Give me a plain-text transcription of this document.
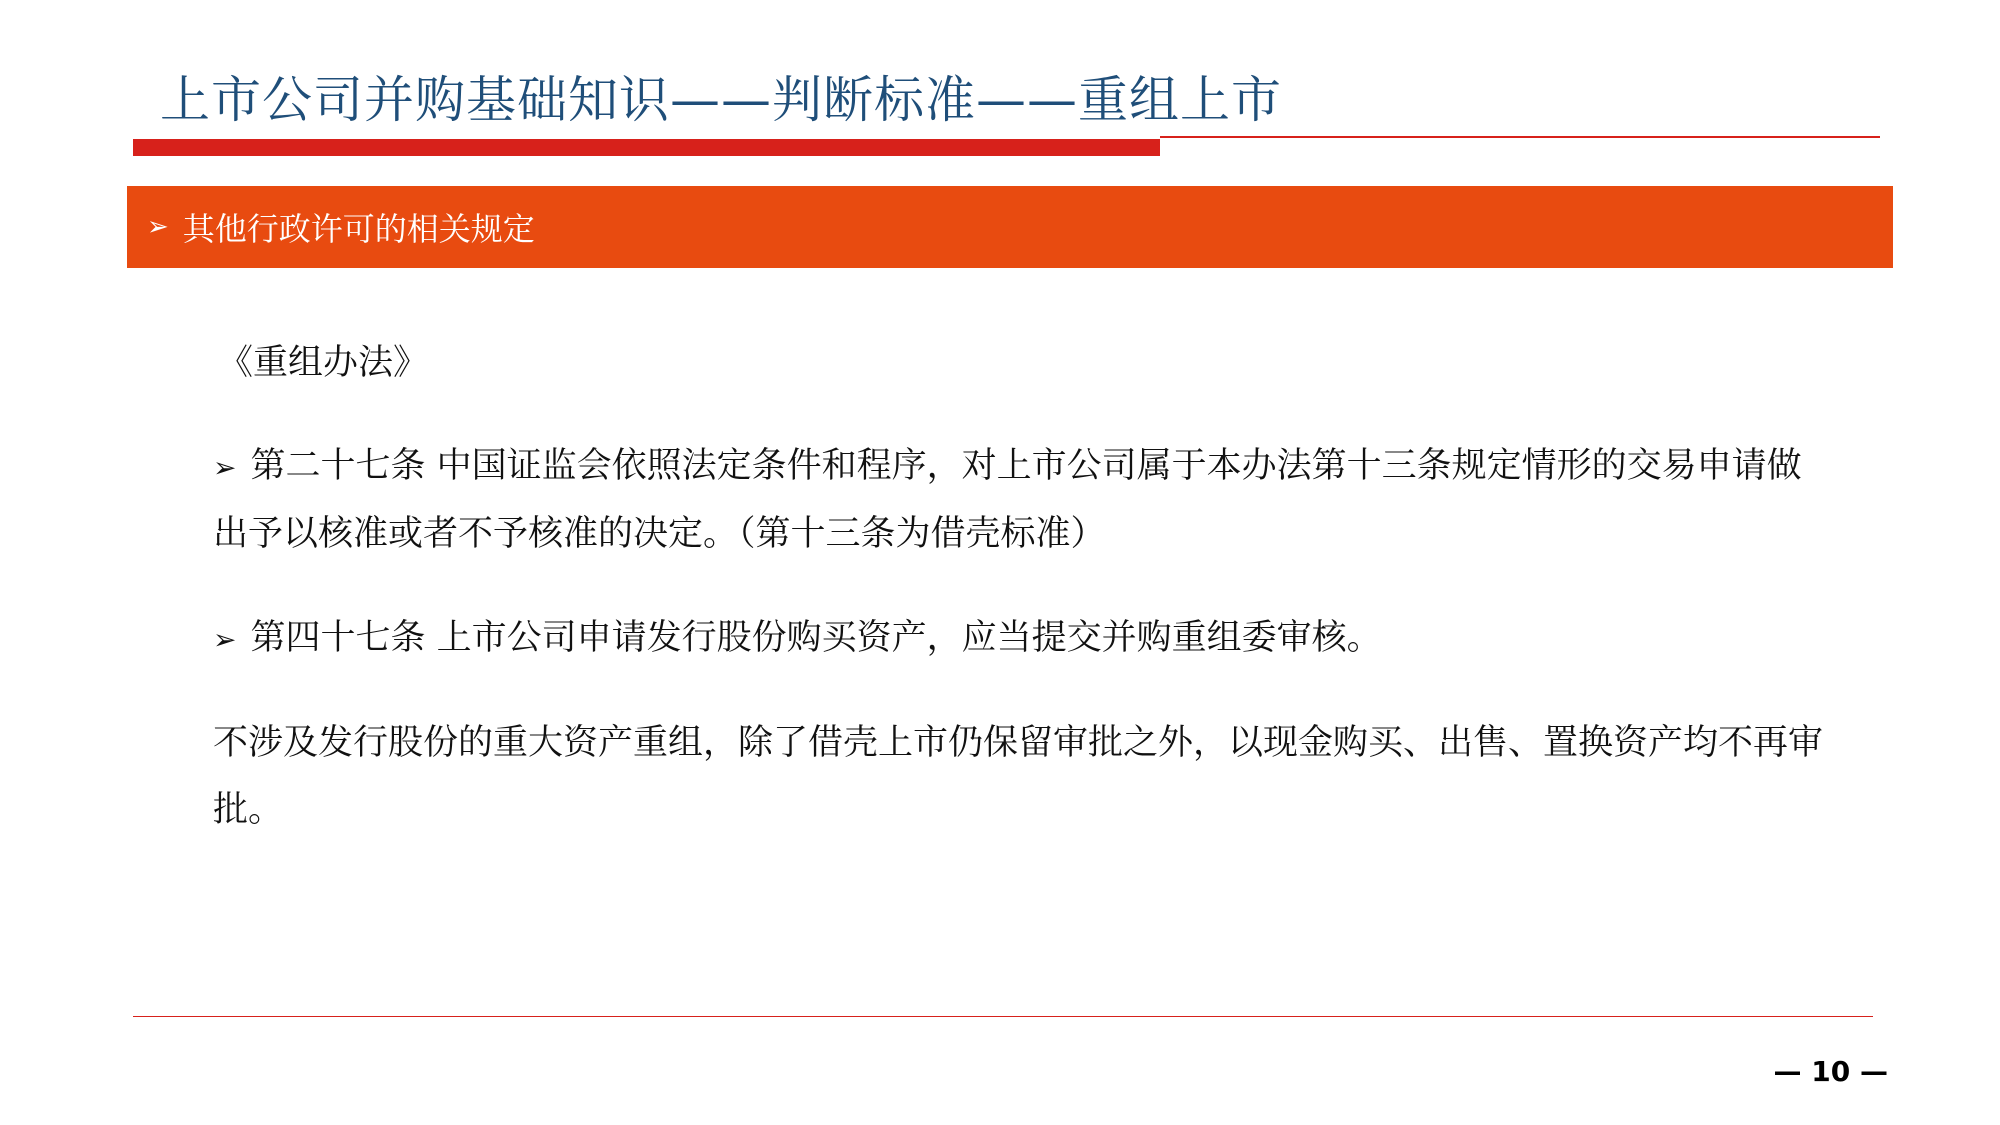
上市公司并购基础知识——判断标准——重组上市
➢ 其他行政许可的相关规定
《重组办法》
➢ 第二十七条 中国证监会依照法定条件和程序，对上市公司属于本办法第十三条规定情形的交易申请做出予以核准或者不予核准的决定。（第十三条为借壳标准）
➢ 第四十七条 上市公司申请发行股份购买资产，应当提交并购重组委审核。
不涉及发行股份的重大资产重组，除了借壳上市仍保留审批之外，以现金购买、出售、置换资产均不再审批。
— 10 —
